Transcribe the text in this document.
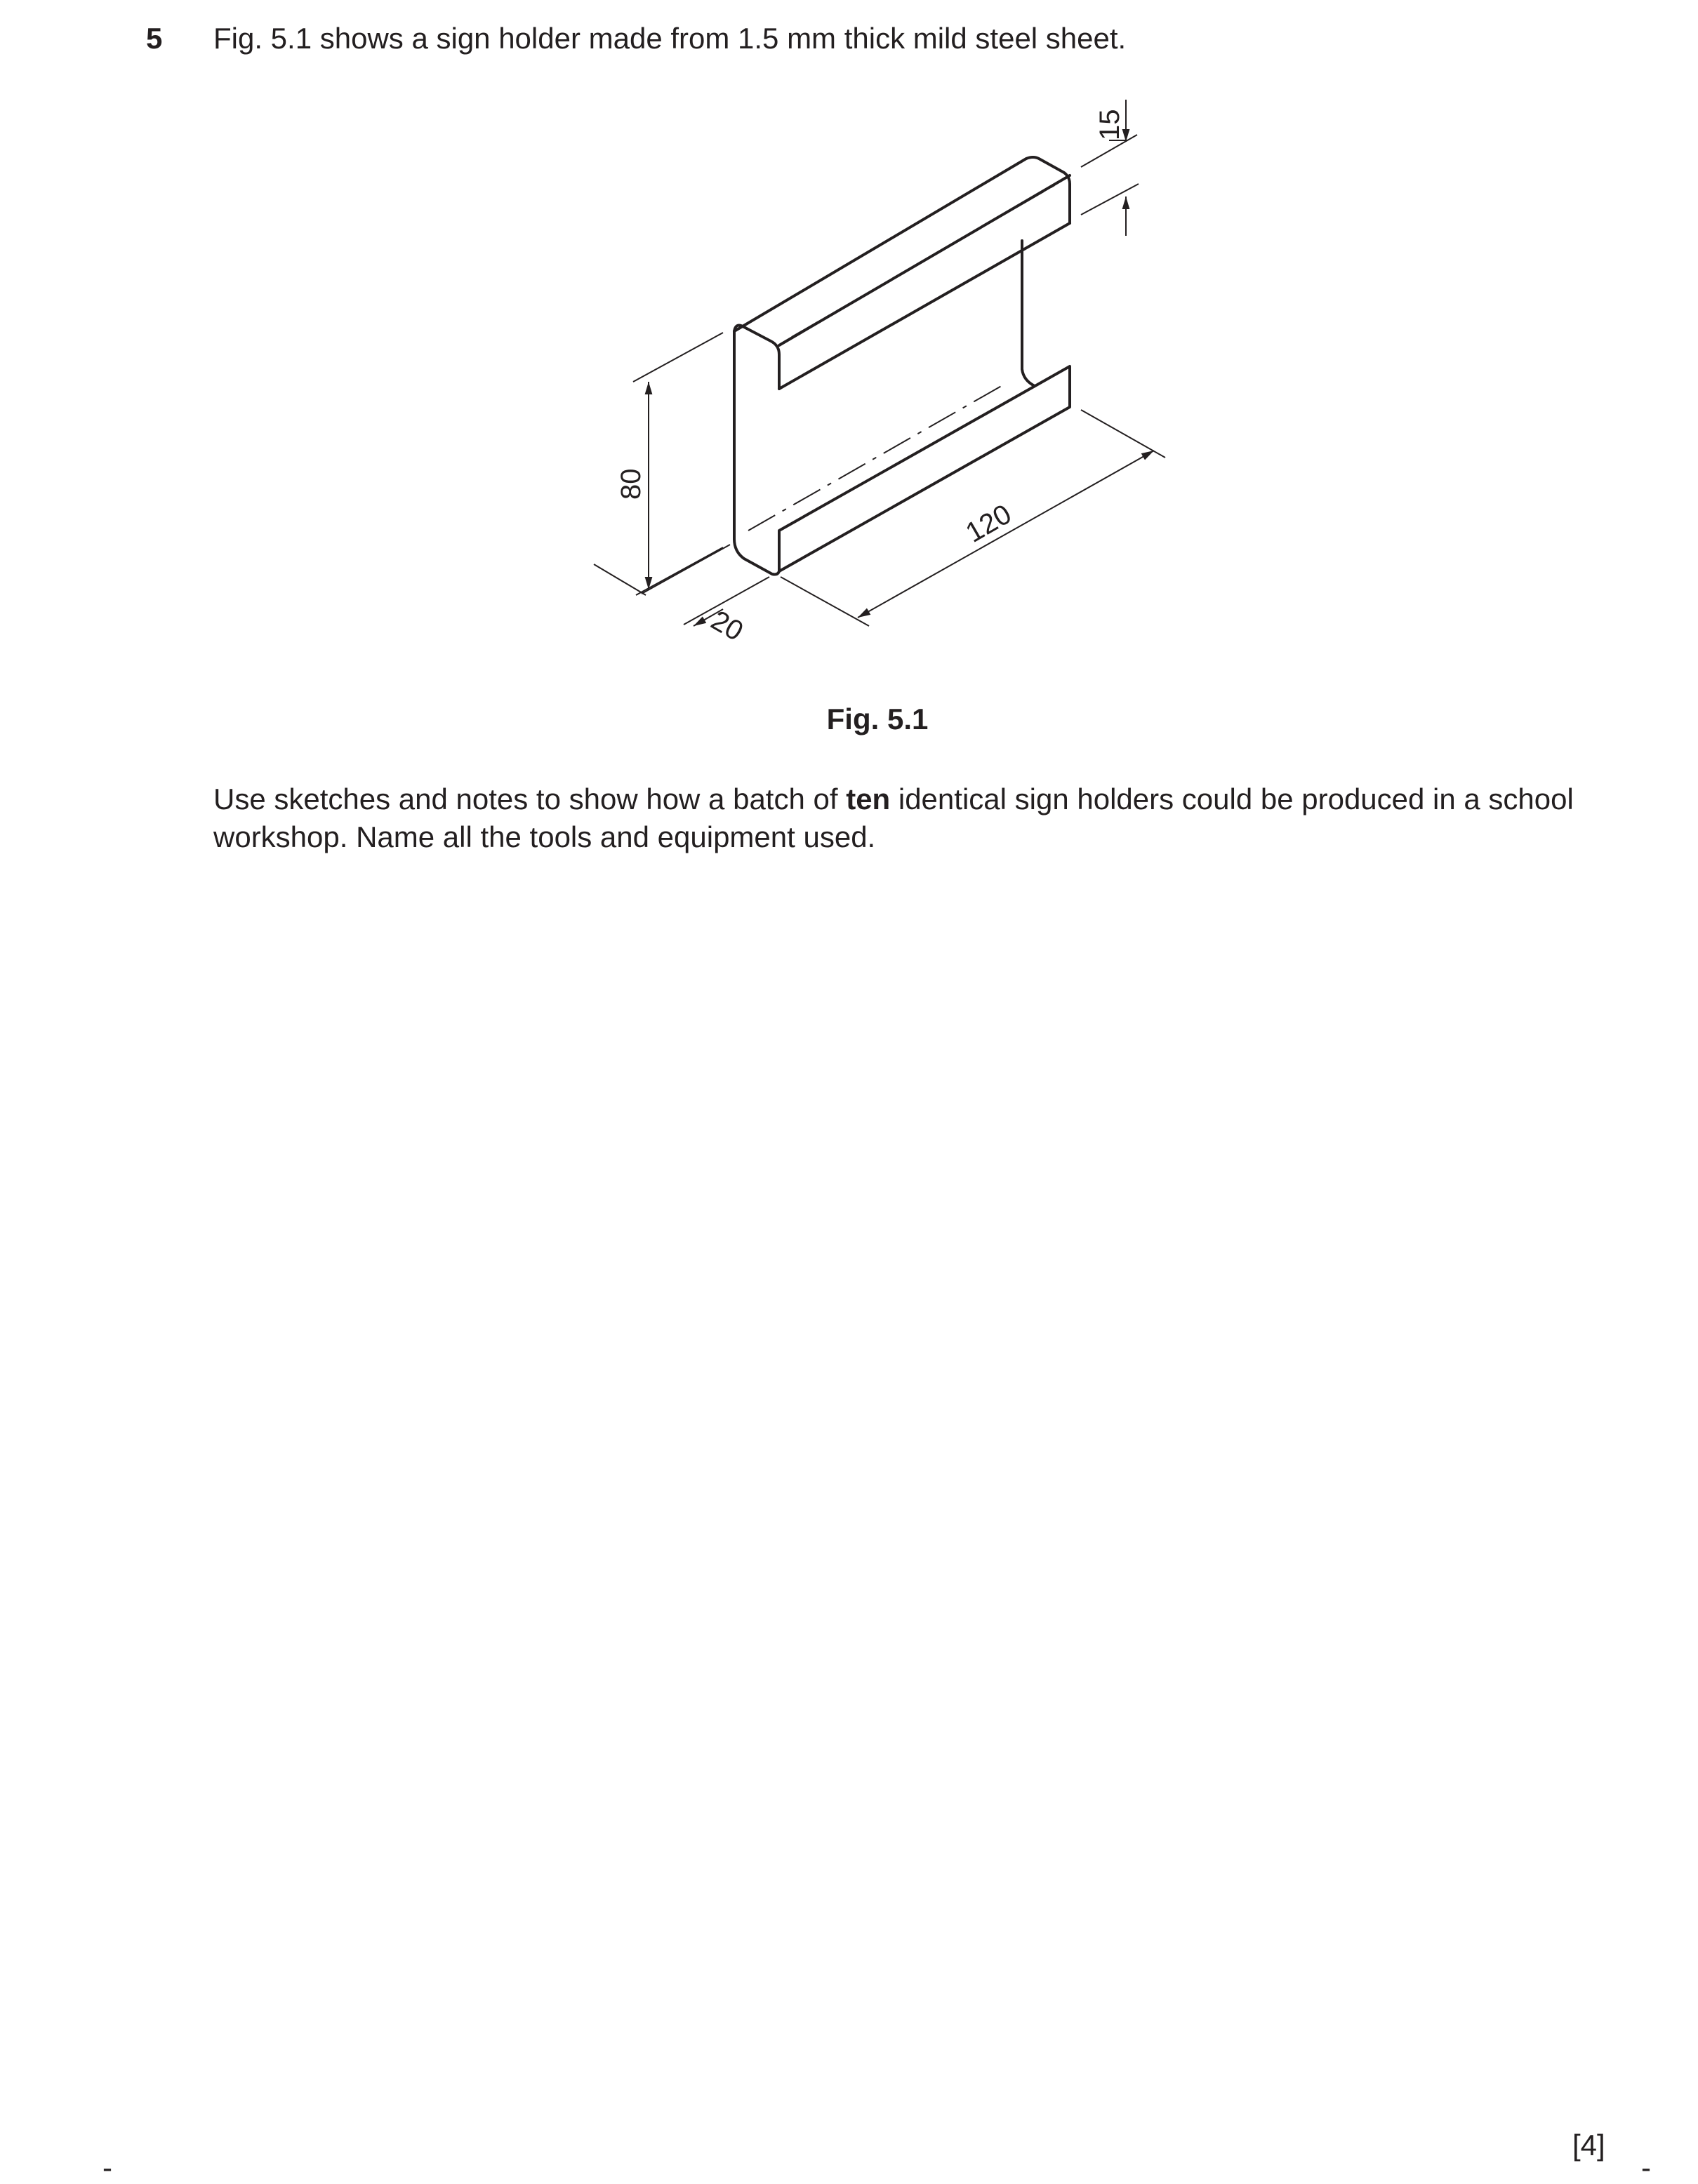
5 Fig. 5.1 shows a sign holder made from 1.5 mm thick mild steel sheet.
15
80
120
20
Fig. 5.1
Use sketches and notes to show how a batch of ten identical sign holders could be produced in a school workshop. Name all the tools and equipment used.
[4]
-	-
